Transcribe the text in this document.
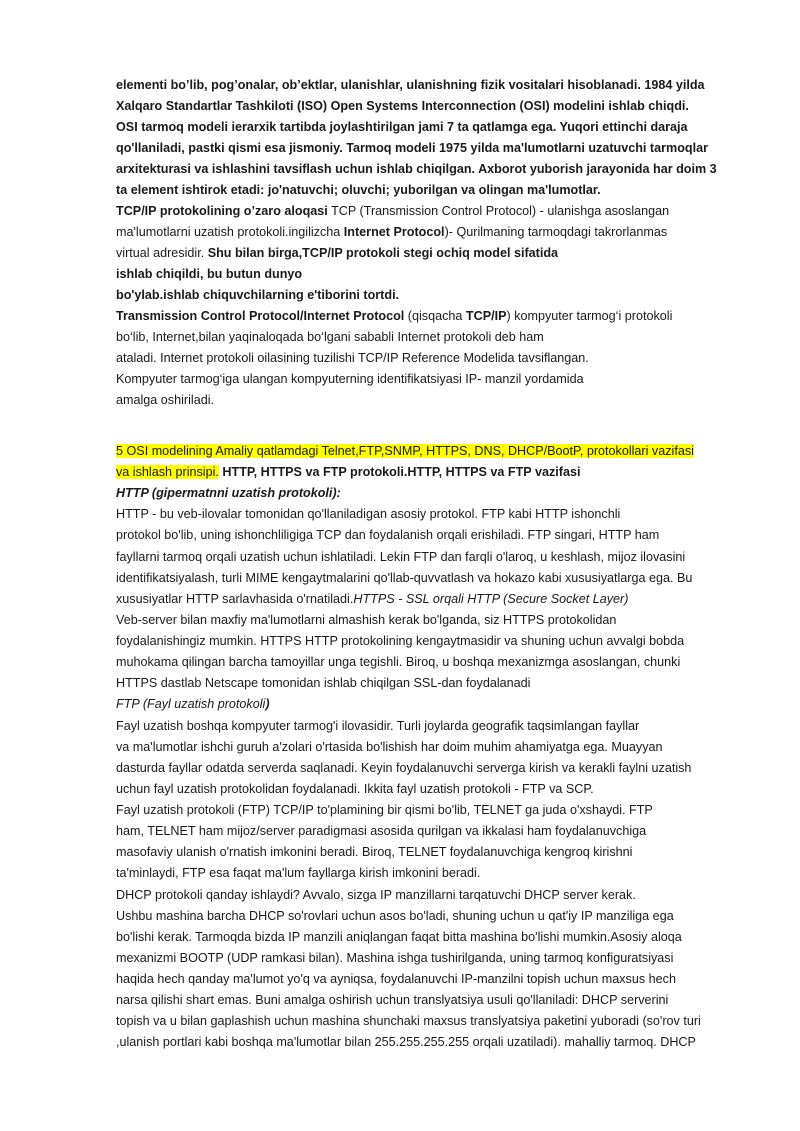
elementi bo’lib, pog’onalar, ob’ektlar, ulanishlar, ulanishning fizik vositalari hisoblanadi. 1984 yilda
Xalqaro Standartlar Tashkiloti (ISO) Open Systems Interconnection (OSI) modelini ishlab chiqdi.
OSI tarmoq modeli ierarxik tartibda joylashtirilgan jami 7 ta qatlamga ega. Yuqori ettinchi daraja
qo'llaniladi, pastki qismi esa jismoniy. Tarmoq modeli 1975 yilda ma'lumotlarni uzatuvchi tarmoqlar
arxitekturasi va ishlashini tavsiflash uchun ishlab chiqilgan. Axborot yuborish jarayonida har doim 3
ta element ishtirok etadi: jo'natuvchi; oluvchi; yuborilgan va olingan ma'lumotlar.
TCP/IP protokolining o’zaro aloqasi TCP (Transmission Control Protocol) - ulanishga asoslangan
ma'lumotlarni uzatish protokoli.ingilizcha Internet Protocol)- Qurilmaning tarmoqdagi takrorlanmas
virtual adresidir. Shu bilan birga,TCP/IP protokoli stegi ochiq model sifatida
ishlab chiqildi, bu butun dunyo
bo'ylab.ishlab chiquvchilarning e'tiborini tortdi.
Transmission Control Protocol/Internet Protocol (qisqacha TCP/IP) kompyuter tarmog‘i protokoli
bo‘lib, Internet,bilan yaqinaloqada bo‘lgani sababli Internet protokoli deb ham
ataladi. Internet protokoli oilasining tuzilishi TCP/IP Reference Modelida tavsiflangan.
Kompyuter tarmog‘iga ulangan kompyuterning identifikatsiyasi IP- manzil yordamida
amalga oshiriladi.
5 OSI modelining Amaliy qatlamdagi Telnet,FTP,SNMP, HTTPS, DNS, DHCP/BootP, protokollari vazifasi
va ishlash prinsipi. HTTP, HTTPS va FTP protokoli.HTTP, HTTPS va FTP vazifasi
HTTP (gipermatnni uzatish protokoli):
HTTP - bu veb-ilovalar tomonidan qo'llaniladigan asosiy protokol. FTP kabi HTTP ishonchli
protokol bo'lib, uning ishonchliligiga TCP dan foydalanish orqali erishiladi. FTP singari, HTTP ham
fayllarni tarmoq orqali uzatish uchun ishlatiladi. Lekin FTP dan farqli o'laroq, u keshlash, mijoz ilovasini
identifikatsiyalash, turli MIME kengaytmalarini qo'llab-quvvatlash va hokazo kabi xususiyatlarga ega. Bu
xususiyatlar HTTP sarlavhasida o'rnatiladi.HTTPS - SSL orqali HTTP (Secure Socket Layer)
Veb-server bilan maxfiy ma'lumotlarni almashish kerak bo'lganda, siz HTTPS protokolidan
foydalanishingiz mumkin. HTTPS HTTP protokolining kengaytmasidir va shuning uchun avvalgi bobda
muhokama qilingan barcha tamoyillar unga tegishli. Biroq, u boshqa mexanizmga asoslangan, chunki
HTTPS dastlab Netscape tomonidan ishlab chiqilgan SSL-dan foydalanadi
FTP (Fayl uzatish protokoli)
Fayl uzatish boshqa kompyuter tarmog'i ilovasidir. Turli joylarda geografik taqsimlangan fayllar
va ma'lumotlar ishchi guruh a'zolari o'rtasida bo'lishish har doim muhim ahamiyatga ega. Muayyan
dasturda fayllar odatda serverda saqlanadi. Keyin foydalanuvchi serverga kirish va kerakli faylni uzatish
uchun fayl uzatish protokolidan foydalanadi. Ikkita fayl uzatish protokoli - FTP va SCP.
Fayl uzatish protokoli (FTP) TCP/IP to'plamining bir qismi bo'lib, TELNET ga juda o'xshaydi. FTP
ham, TELNET ham mijoz/server paradigmasi asosida qurilgan va ikkalasi ham foydalanuvchiga
masofaviy ulanish o'rnatish imkonini beradi. Biroq, TELNET foydalanuvchiga kengroq kirishni
ta'minlaydi, FTP esa faqat ma'lum fayllarga kirish imkonini beradi.
DHCP protokoli qanday ishlaydi? Avvalo, sizga IP manzillarni tarqatuvchi DHCP server kerak.
Ushbu mashina barcha DHCP so'rovlari uchun asos bo'ladi, shuning uchun u qat'iy IP manziliga ega
bo'lishi kerak. Tarmoqda bizda IP manzili aniqlangan faqat bitta mashina bo'lishi mumkin.Asosiy aloqa
mexanizmi BOOTP (UDP ramkasi bilan). Mashina ishga tushirilganda, uning tarmoq konfiguratsiyasi
haqida hech qanday ma'lumot yo'q va ayniqsa, foydalanuvchi IP-manzilni topish uchun maxsus hech
narsa qilishi shart emas. Buni amalga oshirish uchun translyatsiya usuli qo'llaniladi: DHCP serverini
topish va u bilan gaplashish uchun mashina shunchaki maxsus translyatsiya paketini yuboradi (so'rov turi
,ulanish portlari kabi boshqa ma'lumotlar bilan 255.255.255.255 orqali uzatiladi). mahalliy tarmoq. DHCP
